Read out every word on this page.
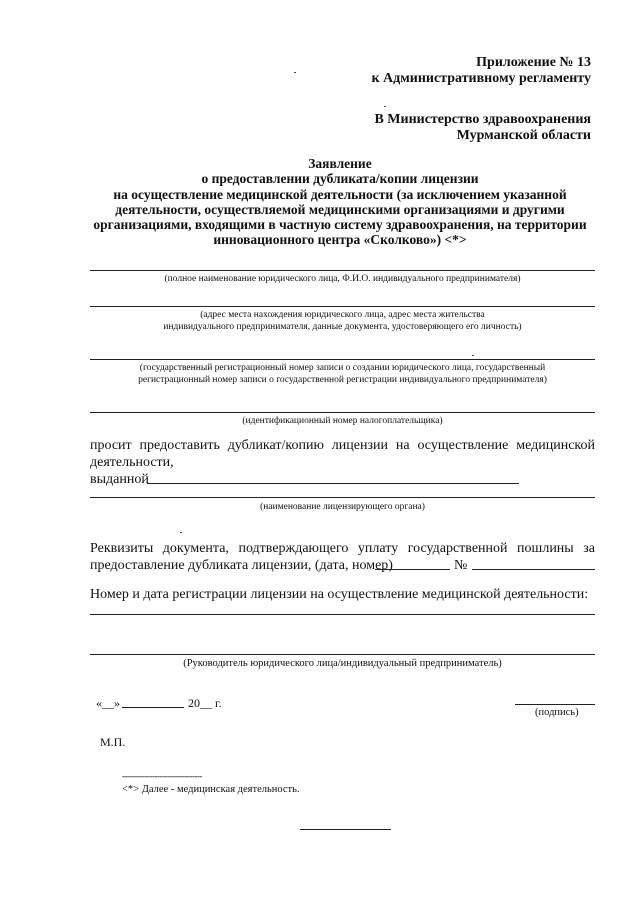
Приложение № 13
к Административному регламенту
В Министерство здравоохранения
Мурманской области
Заявление
о предоставлении дубликата/копии лицензии
на осуществление медицинской деятельности (за исключением указанной
деятельности, осуществляемой медицинскими организациями и другими
организациями, входящими в частную систему здравоохранения, на территории
инновационного центра «Сколково») <*>
(полное наименование юридического лица, Ф.И.О. индивидуального предпринимателя)
(адрес места нахождения юридического лица, адрес места жительства
индивидуального предпринимателя, данные документа, удостоверяющего его личность)
(государственный регистрационный номер записи о создании юридического лица, государственный
регистрационный номер записи о государственной регистрации индивидуального предпринимателя)
(идентификационный номер налогоплательщика)
просит предоставить дубликат/копию лицензии на осуществление медицинской
деятельности,
выданной
(наименование лицензирующего органа)
Реквизиты документа, подтверждающего уплату государственной пошлины за
предоставление дубликата лицензии, (дата, номер)	№
Номер и дата регистрации лицензии на осуществление медицинской деятельности:
(Руководитель юридического лица/индивидуальный предприниматель)
«__»	20__ г.
(подпись)
М.П.
--------------------------------
<*> Далее - медицинская деятельность.
